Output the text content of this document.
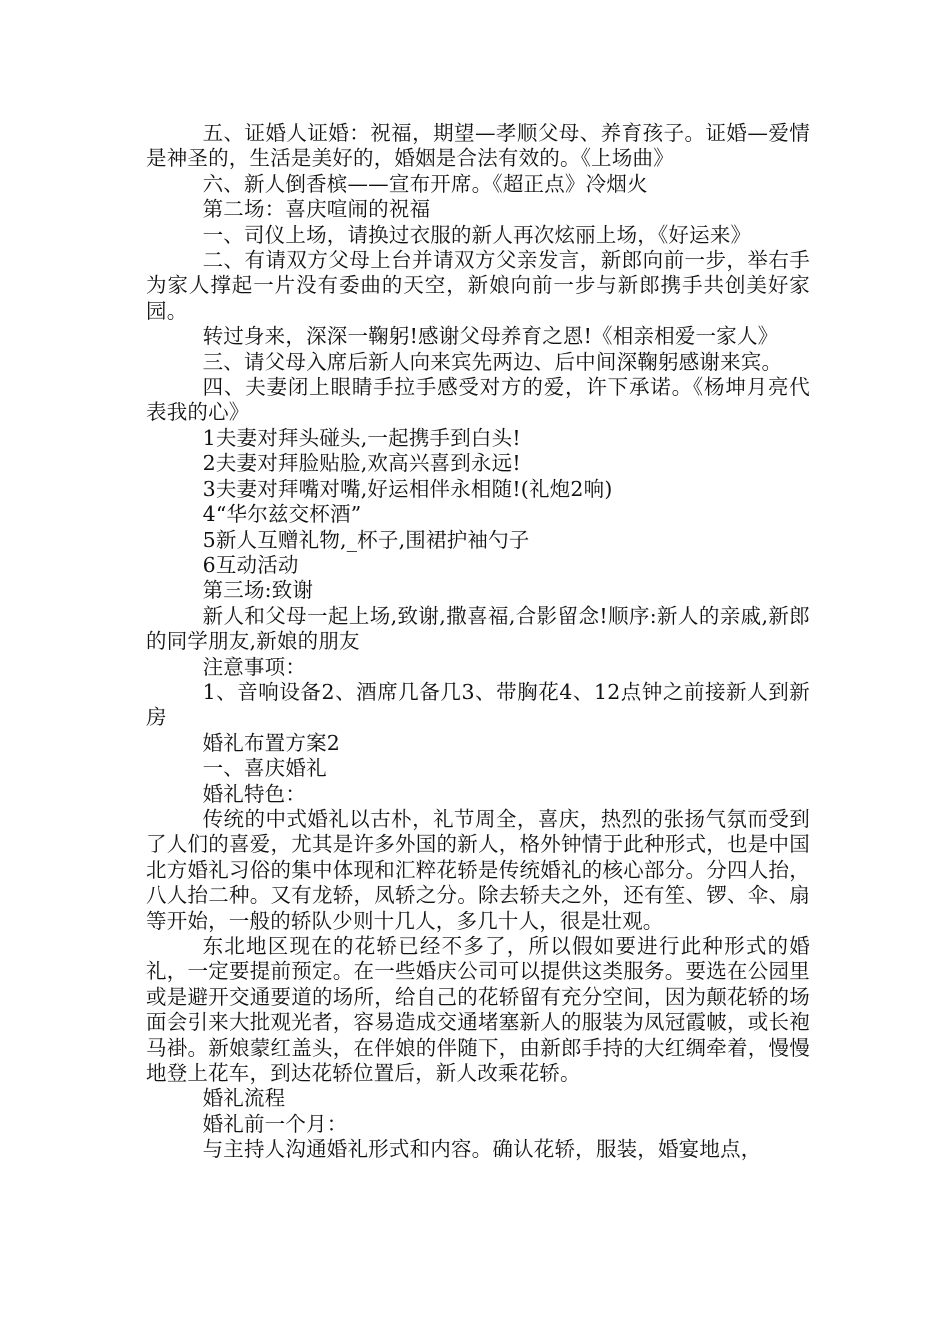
五、证婚人证婚：祝福，期望—孝顺父母、养育孩子。证婚—爱情是神圣的，生活是美好的，婚姻是合法有效的。《上场曲》

六、新人倒香槟——宣布开席。《超正点》冷烟火

第二场：喜庆喧闹的祝福

一、司仪上场，请换过衣服的新人再次炫丽上场，《好运来》

二、有请双方父母上台并请双方父亲发言，新郎向前一步，举右手为家人撑起一片没有委曲的天空，新娘向前一步与新郎携手共创美好家园。

转过身来，深深一鞠躬!感谢父母养育之恩!《相亲相爱一家人》

三、请父母入席后新人向来宾先两边、后中间深鞠躬感谢来宾。

四、夫妻闭上眼睛手拉手感受对方的爱，许下承诺。《杨坤月亮代表我的心》

1夫妻对拜头碰头,一起携手到白头!

2夫妻对拜脸贴脸,欢高兴喜到永远!

3夫妻对拜嘴对嘴,好运相伴永相随!(礼炮2响)

4“华尔兹交杯酒”

5新人互赠礼物,_杯子,围裙护袖勺子

6互动活动

第三场:致谢

新人和父母一起上场,致谢,撒喜福,合影留念!顺序:新人的亲戚,新郎的同学朋友,新娘的朋友

注意事项：

1、音响设备2、酒席几备几3、带胸花4、12点钟之前接新人到新房

婚礼布置方案2

一、喜庆婚礼

婚礼特色：

传统的中式婚礼以古朴，礼节周全，喜庆，热烈的张扬气氛而受到了人们的喜爱，尤其是许多外国的新人，格外钟情于此种形式，也是中国北方婚礼习俗的集中体现和汇粹花轿是传统婚礼的核心部分。分四人抬，八人抬二种。又有龙轿，凤轿之分。除去轿夫之外，还有笙、锣、伞、扇等开始，一般的轿队少则十几人，多几十人，很是壮观。

东北地区现在的花轿已经不多了，所以假如要进行此种形式的婚礼，一定要提前预定。在一些婚庆公司可以提供这类服务。要选在公园里或是避开交通要道的场所，给自己的花轿留有充分空间，因为颠花轿的场面会引来大批观光者，容易造成交通堵塞新人的服装为凤冠霞帔，或长袍马褂。新娘蒙红盖头，在伴娘的伴随下，由新郎手持的大红绸牵着，慢慢地登上花车，到达花轿位置后，新人改乘花轿。

婚礼流程

婚礼前一个月：

与主持人沟通婚礼形式和内容。确认花轿，服装，婚宴地点，
